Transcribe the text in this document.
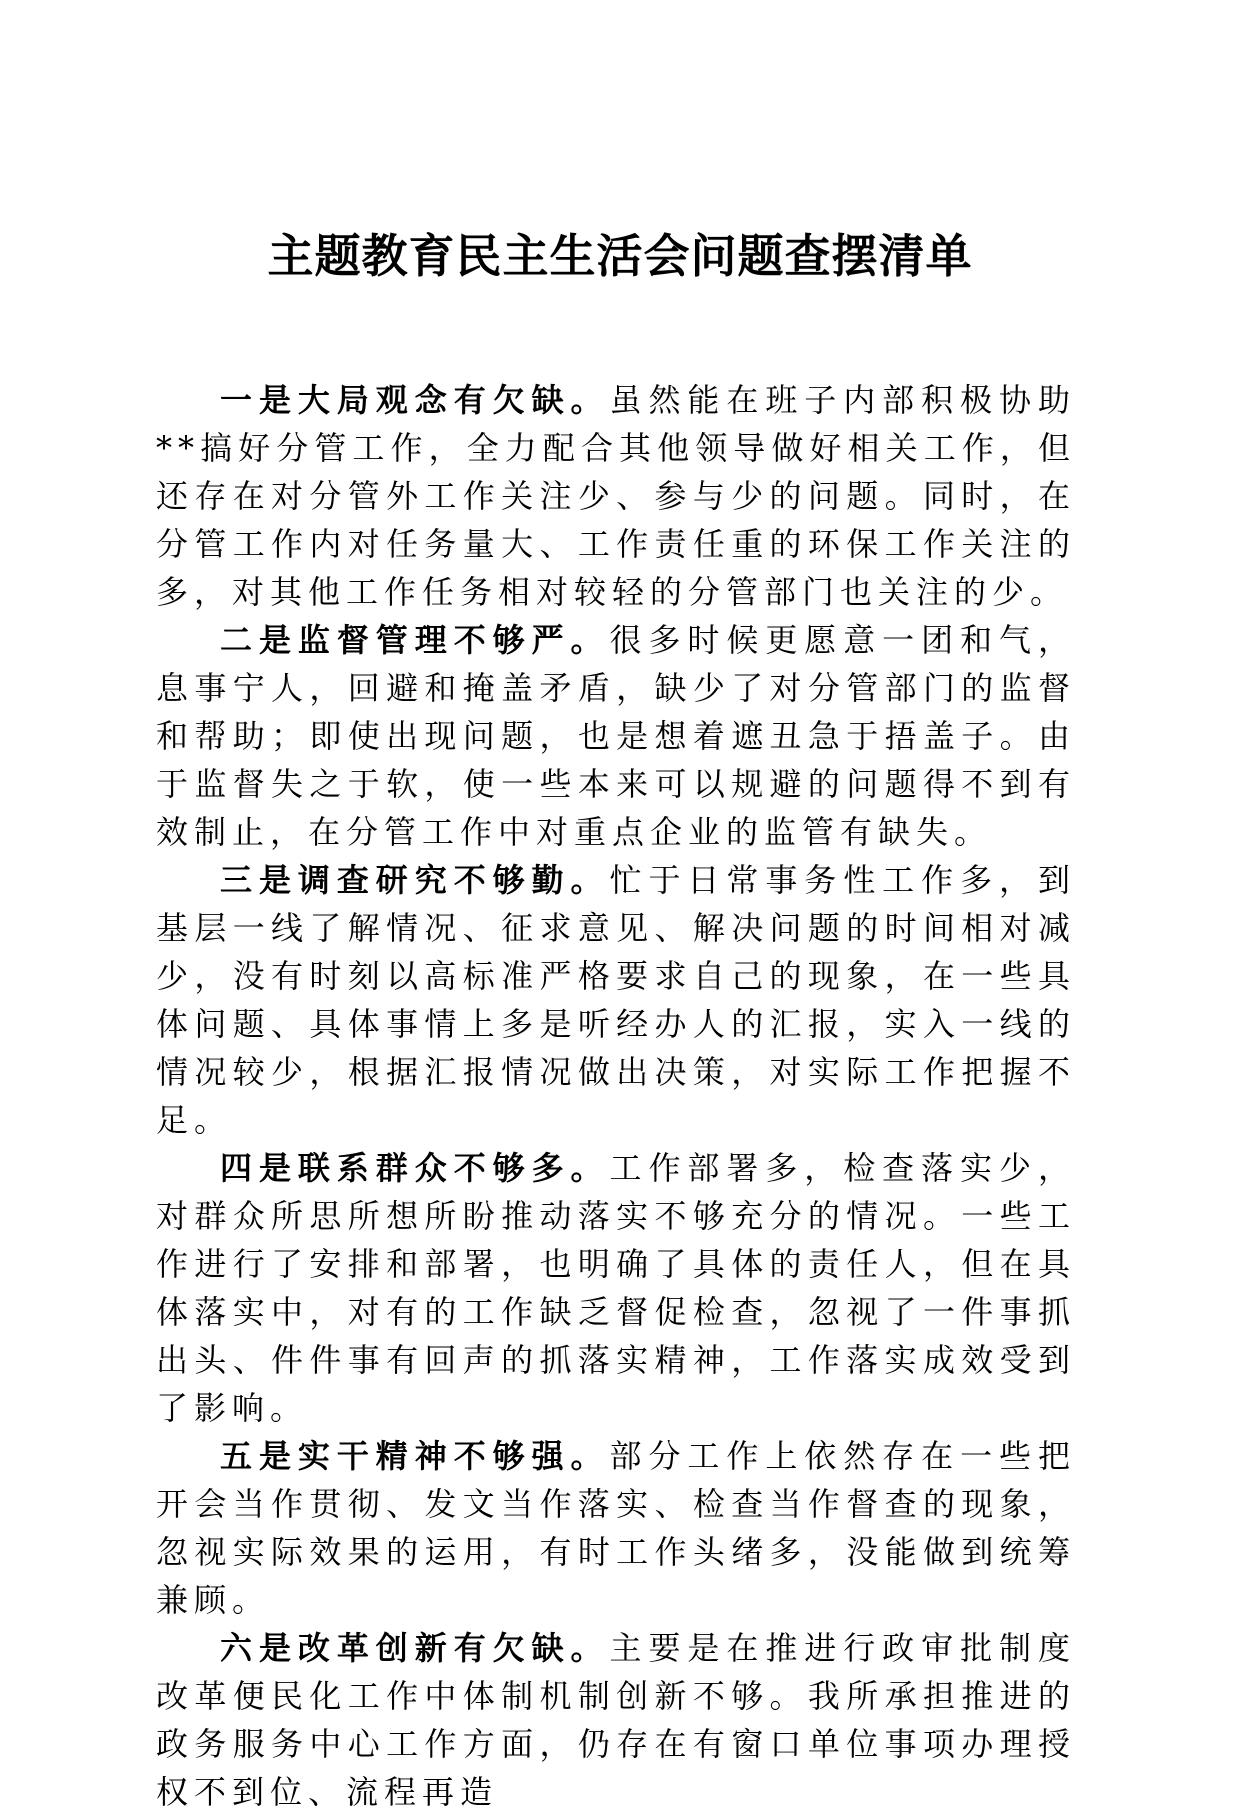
主题教育民主生活会问题查摆清单

一是大局观念有欠缺。虽然能在班子内部积极协助**搞好分管工作，全力配合其他领导做好相关工作，但还存在对分管外工作关注少、参与少的问题。同时，在分管工作内对任务量大、工作责任重的环保工作关注的多，对其他工作任务相对较轻的分管部门也关注的少。

二是监督管理不够严。很多时候更愿意一团和气，息事宁人，回避和掩盖矛盾，缺少了对分管部门的监督和帮助；即使出现问题，也是想着遮丑急于捂盖子。由于监督失之于软，使一些本来可以规避的问题得不到有效制止，在分管工作中对重点企业的监管有缺失。

三是调查研究不够勤。忙于日常事务性工作多，到基层一线了解情况、征求意见、解决问题的时间相对减少，没有时刻以高标准严格要求自己的现象，在一些具体问题、具体事情上多是听经办人的汇报，实入一线的情况较少，根据汇报情况做出决策，对实际工作把握不足。

四是联系群众不够多。工作部署多，检查落实少，对群众所思所想所盼推动落实不够充分的情况。一些工作进行了安排和部署，也明确了具体的责任人，但在具体落实中，对有的工作缺乏督促检查，忽视了一件事抓出头、件件事有回声的抓落实精神，工作落实成效受到了影响。

五是实干精神不够强。部分工作上依然存在一些把开会当作贯彻、发文当作落实、检查当作督查的现象，忽视实际效果的运用，有时工作头绪多，没能做到统筹兼顾。

六是改革创新有欠缺。主要是在推进行政审批制度改革便民化工作中体制机制创新不够。我所承担推进的政务服务中心工作方面，仍存在有窗口单位事项办理授权不到位、流程再造
